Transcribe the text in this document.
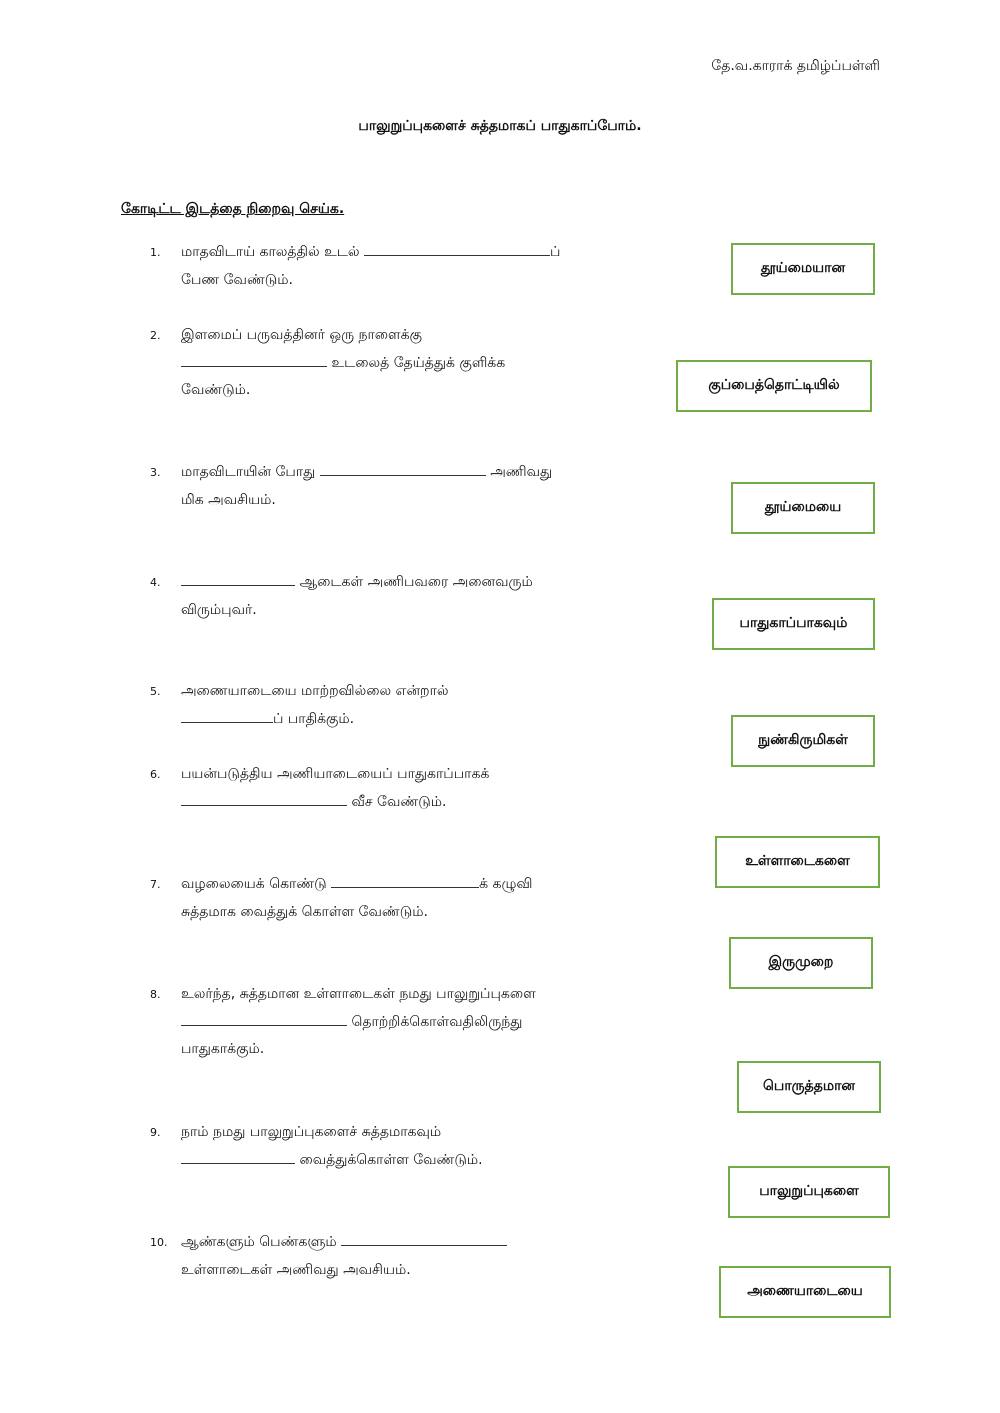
தே.வ.காராக் தமிழ்ப்பள்ளி
பாலுறுப்புகளைச் சுத்தமாகப் பாதுகாப்போம்.
கோடிட்ட இடத்தை நிறைவு செய்க.
1. மாதவிடாய் காலத்தில் உடல்	ப்
பேண வேண்டும்.
2. இளமைப் பருவத்தினர் ஒரு நாளைக்கு
உடலைத் தேய்த்துக் குளிக்க
வேண்டும்.
3. மாதவிடாயின் போது	அணிவது
மிக அவசியம்.
4.	ஆடைகள் அணிபவரை அனைவரும்
விரும்புவர்.
5. அணையாடையை மாற்றவில்லை என்றால்
ப் பாதிக்கும்.
6. பயன்படுத்திய அணியாடையைப் பாதுகாப்பாகக்
வீச வேண்டும்.
7. வழலையைக் கொண்டு	க் கழுவி
சுத்தமாக வைத்துக் கொள்ள வேண்டும்.
8. உலர்ந்த, சுத்தமான உள்ளாடைகள் நமது பாலுறுப்புகளை
தொற்றிக்கொள்வதிலிருந்து
பாதுகாக்கும்.
9. நாம் நமது பாலுறுப்புகளைச் சுத்தமாகவும்
வைத்துக்கொள்ள வேண்டும்.
10. ஆண்களும் பெண்களும்
உள்ளாடைகள் அணிவது அவசியம்.
தூய்மையான
குப்பைத்தொட்டியில்
தூய்மையை
பாதுகாப்பாகவும்
நுண்கிருமிகள்
உள்ளாடைகளை
இருமுறை
பொருத்தமான
பாலுறுப்புகளை
அணையாடையை
